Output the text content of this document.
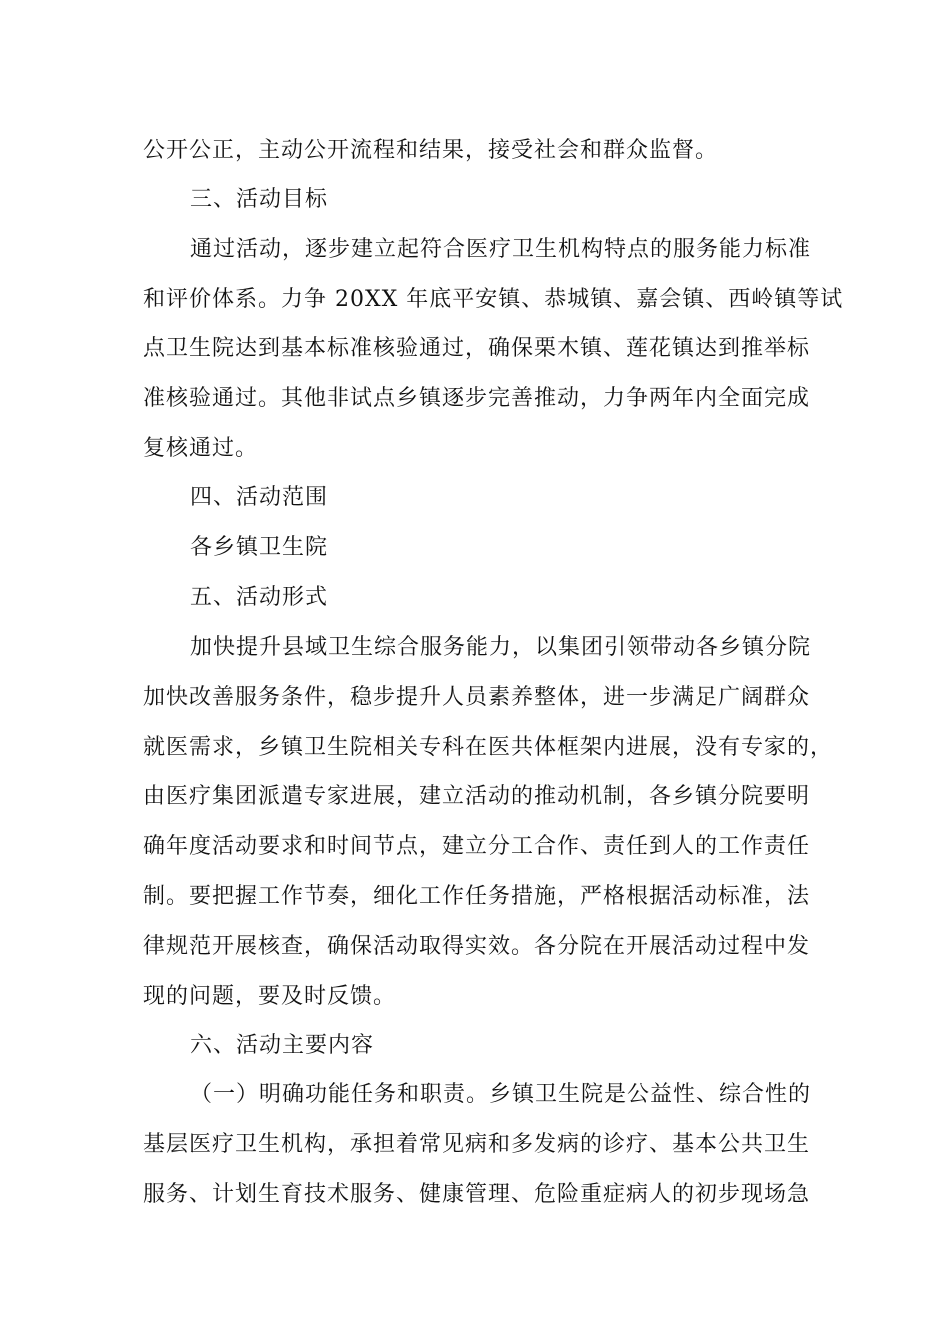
公开公正，主动公开流程和结果，接受社会和群众监督。
三、活动目标
通过活动，逐步建立起符合医疗卫生机构特点的服务能力标准
和评价体系。力争 20XX 年底平安镇、恭城镇、嘉会镇、西岭镇等试
点卫生院达到基本标准核验通过，确保栗木镇、莲花镇达到推举标
准核验通过。其他非试点乡镇逐步完善推动，力争两年内全面完成
复核通过。
四、活动范围
各乡镇卫生院
五、活动形式
加快提升县域卫生综合服务能力，以集团引领带动各乡镇分院
加快改善服务条件，稳步提升人员素养整体，进一步满足广阔群众
就医需求，乡镇卫生院相关专科在医共体框架内进展，没有专家的，
由医疗集团派遣专家进展，建立活动的推动机制，各乡镇分院要明
确年度活动要求和时间节点，建立分工合作、责任到人的工作责任
制。要把握工作节奏，细化工作任务措施，严格根据活动标准，法
律规范开展核查，确保活动取得实效。各分院在开展活动过程中发
现的问题，要及时反馈。
六、活动主要内容
（一）明确功能任务和职责。乡镇卫生院是公益性、综合性的
基层医疗卫生机构，承担着常见病和多发病的诊疗、基本公共卫生
服务、计划生育技术服务、健康管理、危险重症病人的初步现场急
